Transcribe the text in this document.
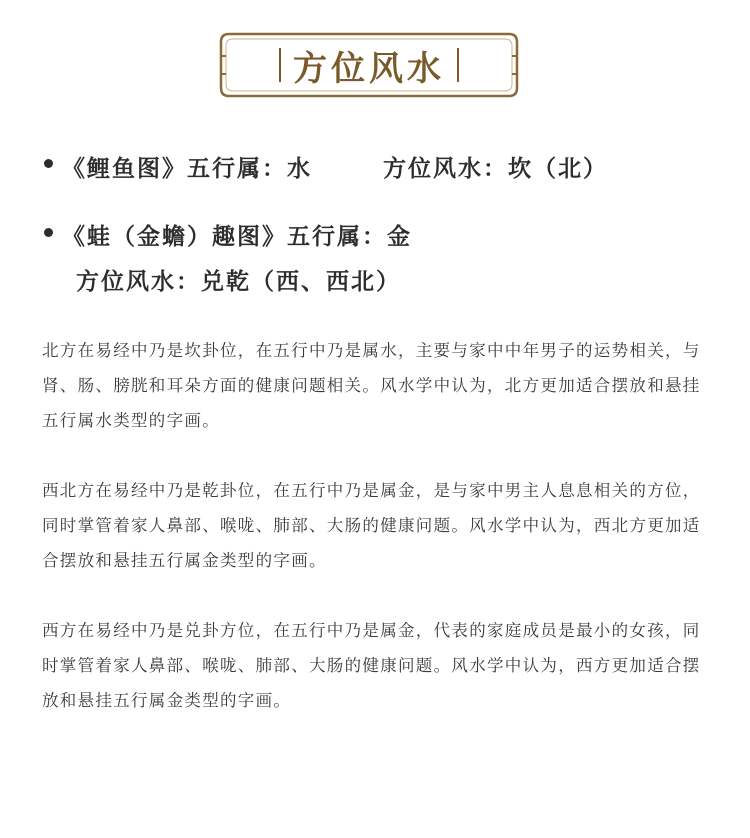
方位风水
《鲤鱼图》五行属：水	方位风水：坎（北）
《蛙（金蟾）趣图》五行属：金
方位风水：兑乾（西、西北）
北方在易经中乃是坎卦位，在五行中乃是属水，主要与家中中年男子的运势相关，与肾、肠、膀胱和耳朵方面的健康问题相关。风水学中认为，北方更加适合摆放和悬挂五行属水类型的字画。
西北方在易经中乃是乾卦位，在五行中乃是属金，是与家中男主人息息相关的方位，同时掌管着家人鼻部、喉咙、肺部、大肠的健康问题。风水学中认为，西北方更加适合摆放和悬挂五行属金类型的字画。
西方在易经中乃是兑卦方位，在五行中乃是属金，代表的家庭成员是最小的女孩，同时掌管着家人鼻部、喉咙、肺部、大肠的健康问题。风水学中认为，西方更加适合摆放和悬挂五行属金类型的字画。
